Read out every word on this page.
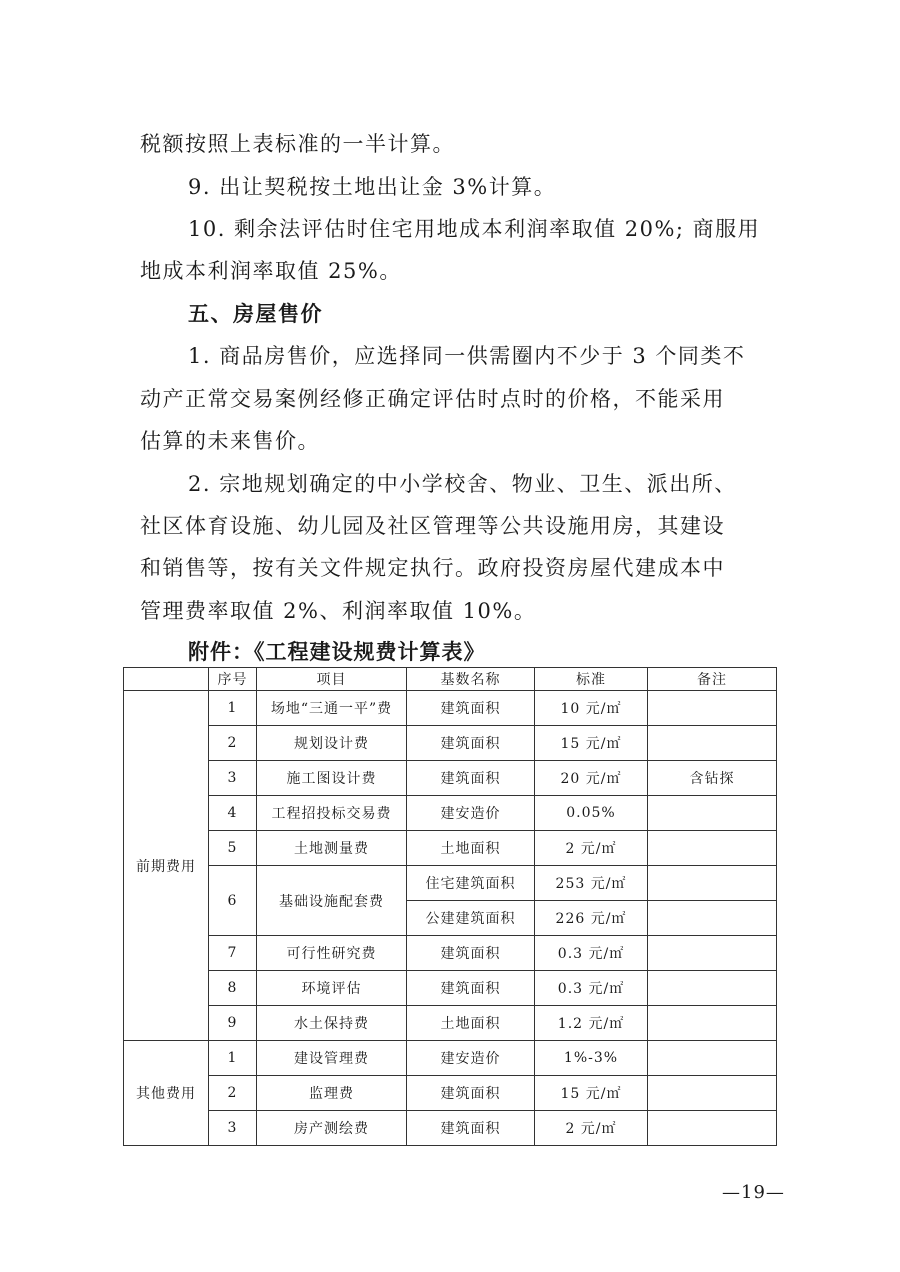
税额按照上表标准的一半计算。
9. 出让契税按土地出让金 3%计算。
10. 剩余法评估时住宅用地成本利润率取值 20%; 商服用
地成本利润率取值 25%。
五、房屋售价
1. 商品房售价，应选择同一供需圈内不少于 3 个同类不
动产正常交易案例经修正确定评估时点时的价格，不能采用
估算的未来售价。
2. 宗地规划确定的中小学校舍、物业、卫生、派出所、
社区体育设施、幼儿园及社区管理等公共设施用房，其建设
和销售等，按有关文件规定执行。政府投资房屋代建成本中
管理费率取值 2%、利润率取值 10%。
附件：《工程建设规费计算表》
	序号	项目	基数名称	标准	备注
前期费用	1	场地“三通一平”费	建筑面积	10 元/㎡	
	2	规划设计费	建筑面积	15 元/㎡	
	3	施工图设计费	建筑面积	20 元/㎡	含钻探
	4	工程招投标交易费	建安造价	0.05%	
	5	土地测量费	土地面积	2 元/㎡	
	6	基础设施配套费	住宅建筑面积	253 元/㎡	
			公建建筑面积	226 元/㎡	
	7	可行性研究费	建筑面积	0.3 元/㎡	
	8	环境评估	建筑面积	0.3 元/㎡	
	9	水土保持费	土地面积	1.2 元/㎡	
其他费用	1	建设管理费	建安造价	1%-3%	
	2	监理费	建筑面积	15 元/㎡	
	3	房产测绘费	建筑面积	2 元/㎡	
—19—
